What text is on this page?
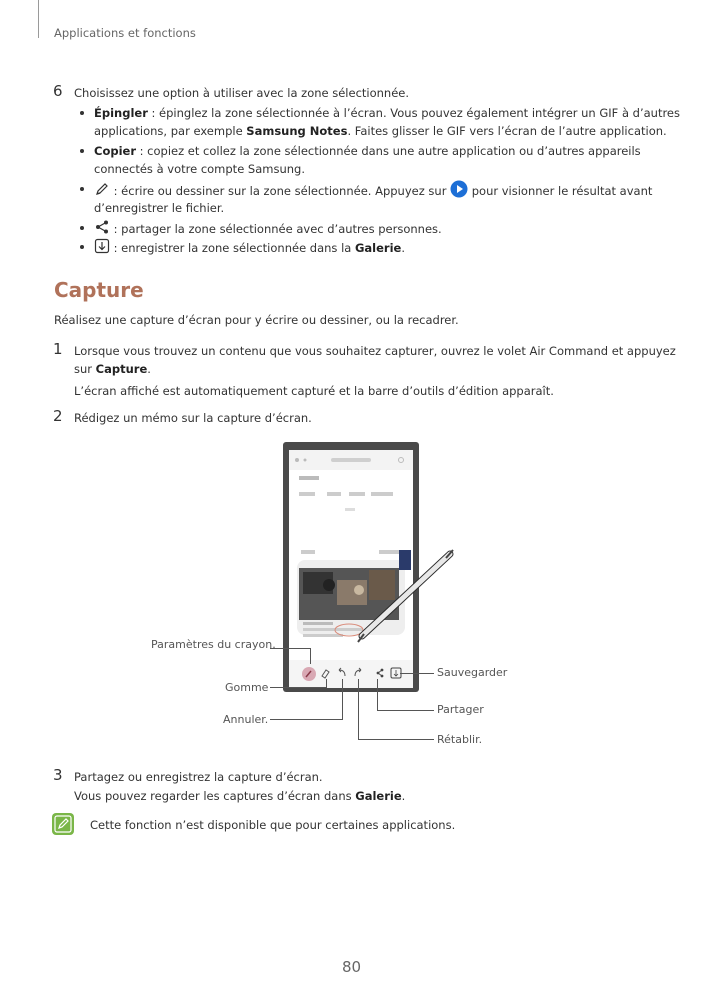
Applications et fonctions
6 Choisissez une option à utiliser avec la zone sélectionnée.
Épingler : épinglez la zone sélectionnée à l’écran. Vous pouvez également intégrer un GIF à d’autres
applications, par exemple Samsung Notes. Faites glisser le GIF vers l’écran de l’autre application.
Copier : copiez et collez la zone sélectionnée dans une autre application ou d’autres appareils
connectés à votre compte Samsung.
: écrire ou dessiner sur la zone sélectionnée. Appuyez sur  pour visionner le résultat avant
d’enregistrer le fichier.
: partager la zone sélectionnée avec d’autres personnes.
: enregistrer la zone sélectionnée dans la Galerie.
Capture
Réalisez une capture d’écran pour y écrire ou dessiner, ou la recadrer.
1 Lorsque vous trouvez un contenu que vous souhaitez capturer, ouvrez le volet Air Command et appuyez
sur Capture.
L’écran affiché est automatiquement capturé et la barre d’outils d’édition apparaît.
2 Rédigez un mémo sur la capture d’écran.
Paramètres du crayon.
Gomme
Annuler.
Sauvegarder
Partager
Rétablir.
3 Partagez ou enregistrez la capture d’écran.
Vous pouvez regarder les captures d’écran dans Galerie.
Cette fonction n’est disponible que pour certaines applications.
80
